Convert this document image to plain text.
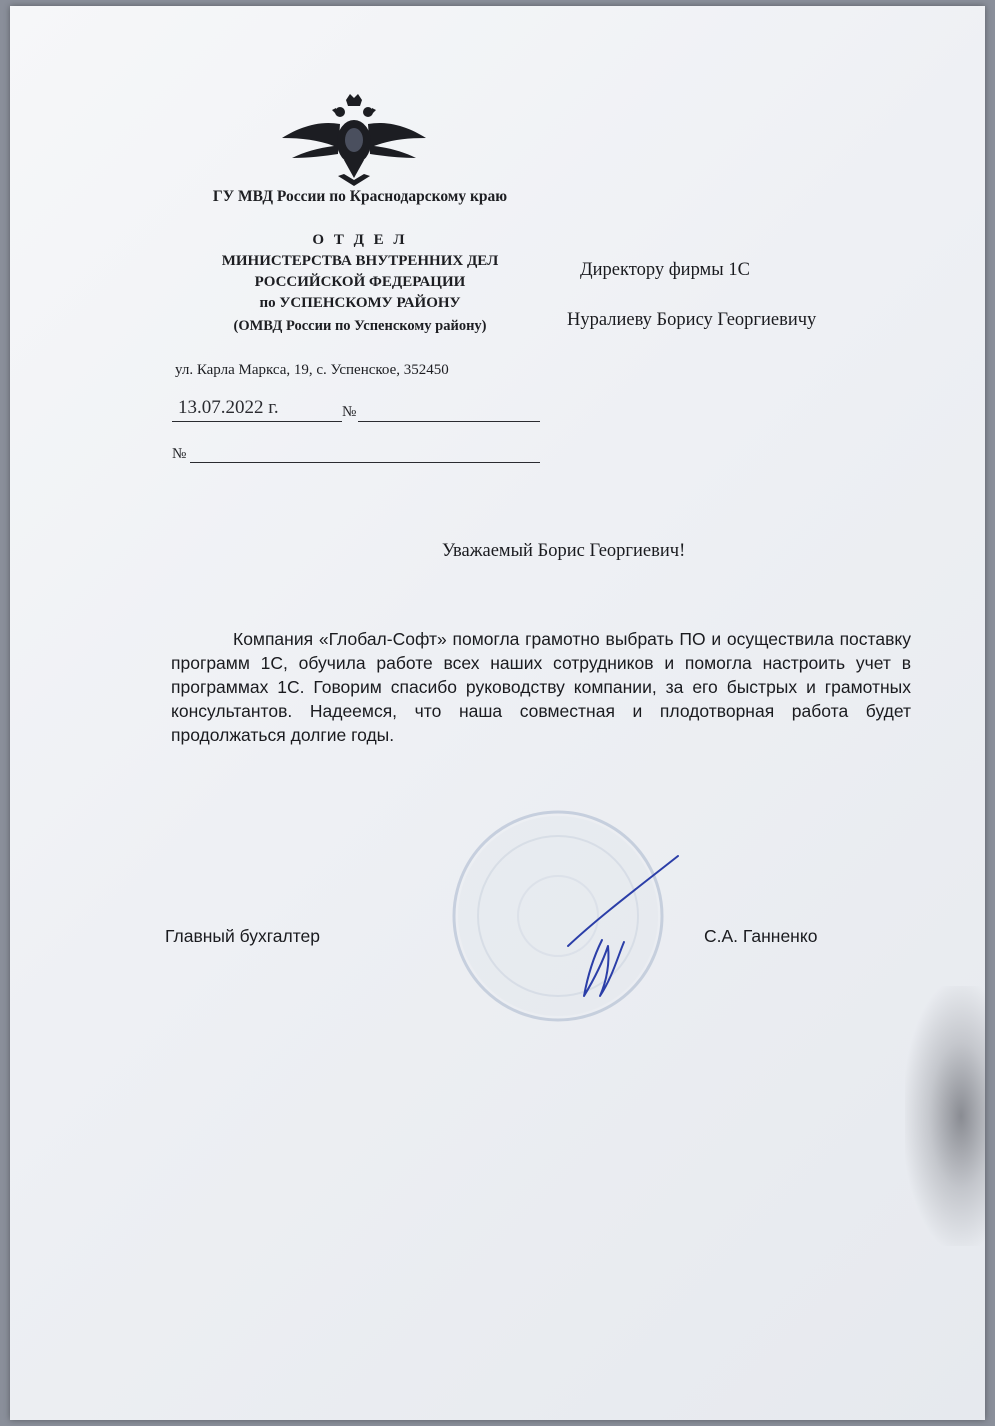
ГУ МВД России по Краснодарскому краю
О Т Д Е Л
МИНИСТЕРСТВА ВНУТРЕННИХ ДЕЛ
РОССИЙСКОЙ ФЕДЕРАЦИИ
по УСПЕНСКОМУ РАЙОНУ
(ОМВД России по Успенскому району)
ул. Карла Маркса, 19, с. Успенское, 352450
13.07.2022 г.	№
№
Директору фирмы 1С
Нуралиеву Борису Георгиевичу
Уважаемый Борис Георгиевич!

Компания «Глобал-Софт» помогла грамотно выбрать ПО и осуществила поставку программ 1С, обучила работе всех наших сотрудников и помогла настроить учет в программах 1С. Говорим спасибо руководству компании, за его быстрых и грамотных консультантов. Надеемся, что наша совместная и плодотворная работа будет продолжаться долгие годы.

Главный бухгалтер	С.А. Ганненко
